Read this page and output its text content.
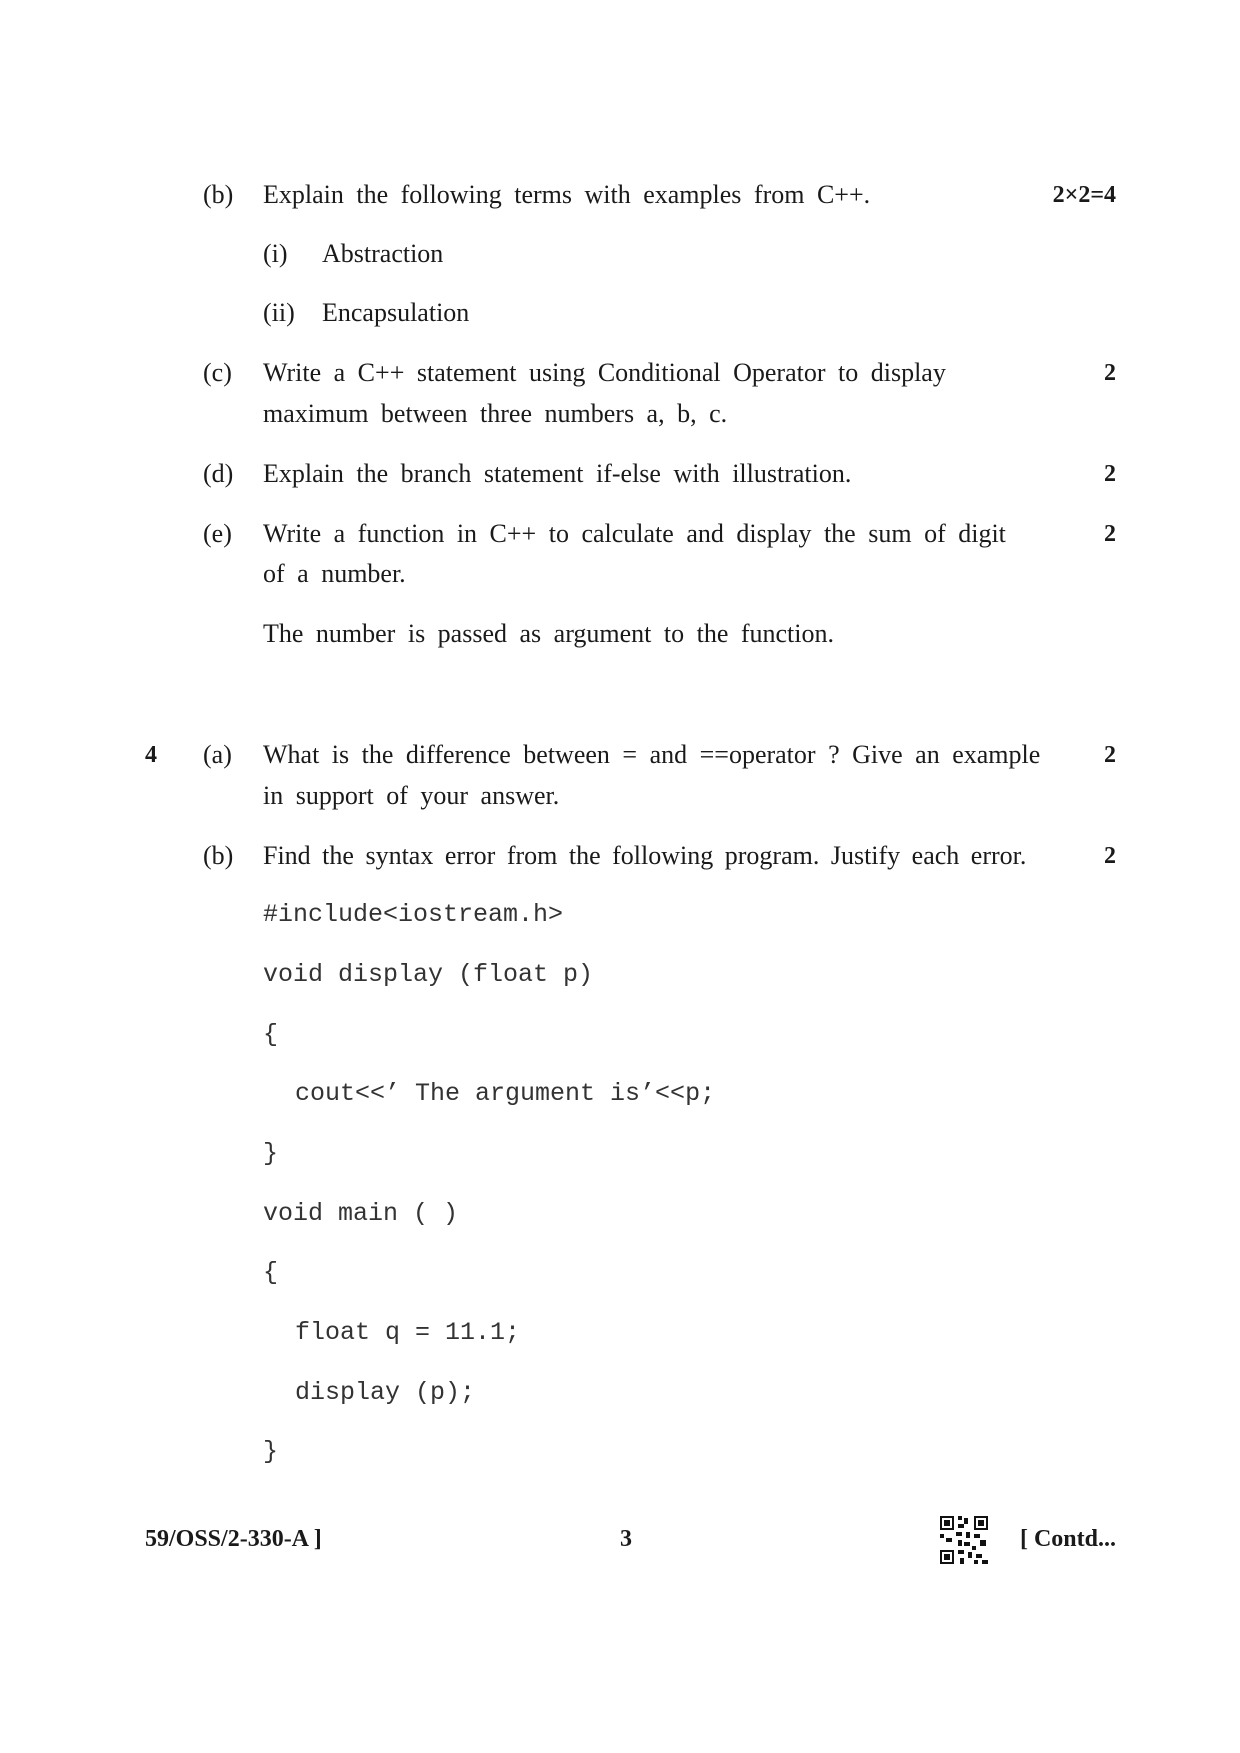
(b) Explain the following terms with examples from C++.	2×2=4
(i) Abstraction
(ii) Encapsulation
(c) Write a C++ statement using Conditional Operator to display	2
maximum between three numbers a, b, c.
(d) Explain the branch statement if-else with illustration.	2
(e) Write a function in C++ to calculate and display the sum of digit	2
of a number.
The number is passed as argument to the function.
4 (a) What is the difference between = and ==operator ? Give an example	2
in support of your answer.
(b) Find the syntax error from the following program. Justify each error.	2
#include<iostream.h>
void display (float p)
{
cout<<’ The argument is’<<p;
}
void main ( )
{
float q = 11.1;
display (p);
}
59/OSS/2-330-A ]	3	[ Contd...
